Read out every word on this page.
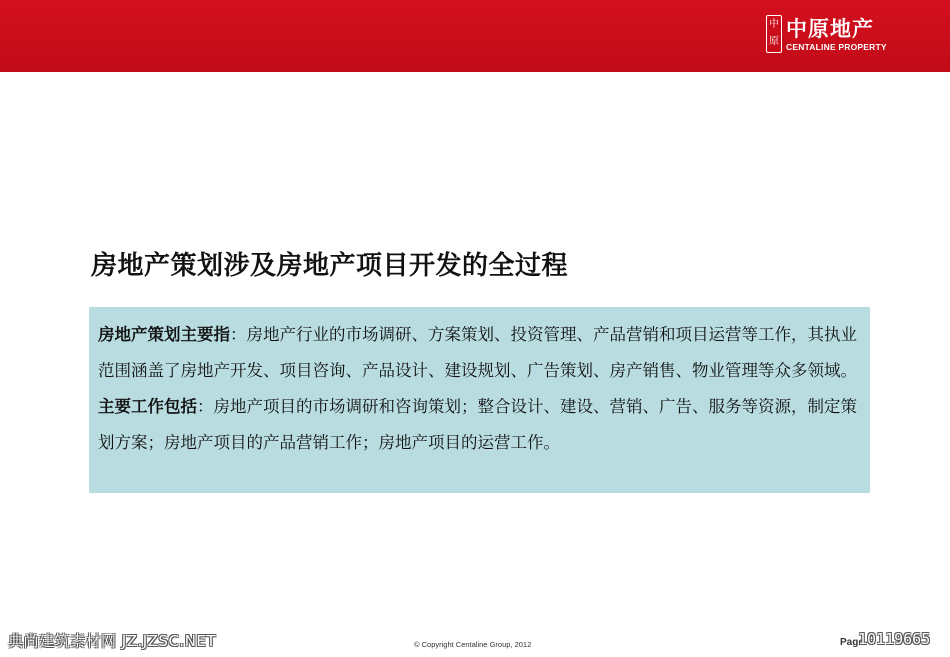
中原
中原地产
CENTALINE PROPERTY
房地产策划涉及房地产项目开发的全过程

房地产策划主要指：房地产行业的市场调研、方案策划、投资管理、产品营销和项目运营等工作，其执业范围涵盖了房地产开发、项目咨询、产品设计、建设规划、广告策划、房产销售、物业管理等众多领域。

主要工作包括：房地产项目的市场调研和咨询策划；整合设计、建设、营销、广告、服务等资源，制定策划方案；房地产项目的产品营销工作；房地产项目的运营工作。

典尚建筑素材网 JZ.JZSC.NET	© Copyright Centaline Group, 2012	Page
10119665
